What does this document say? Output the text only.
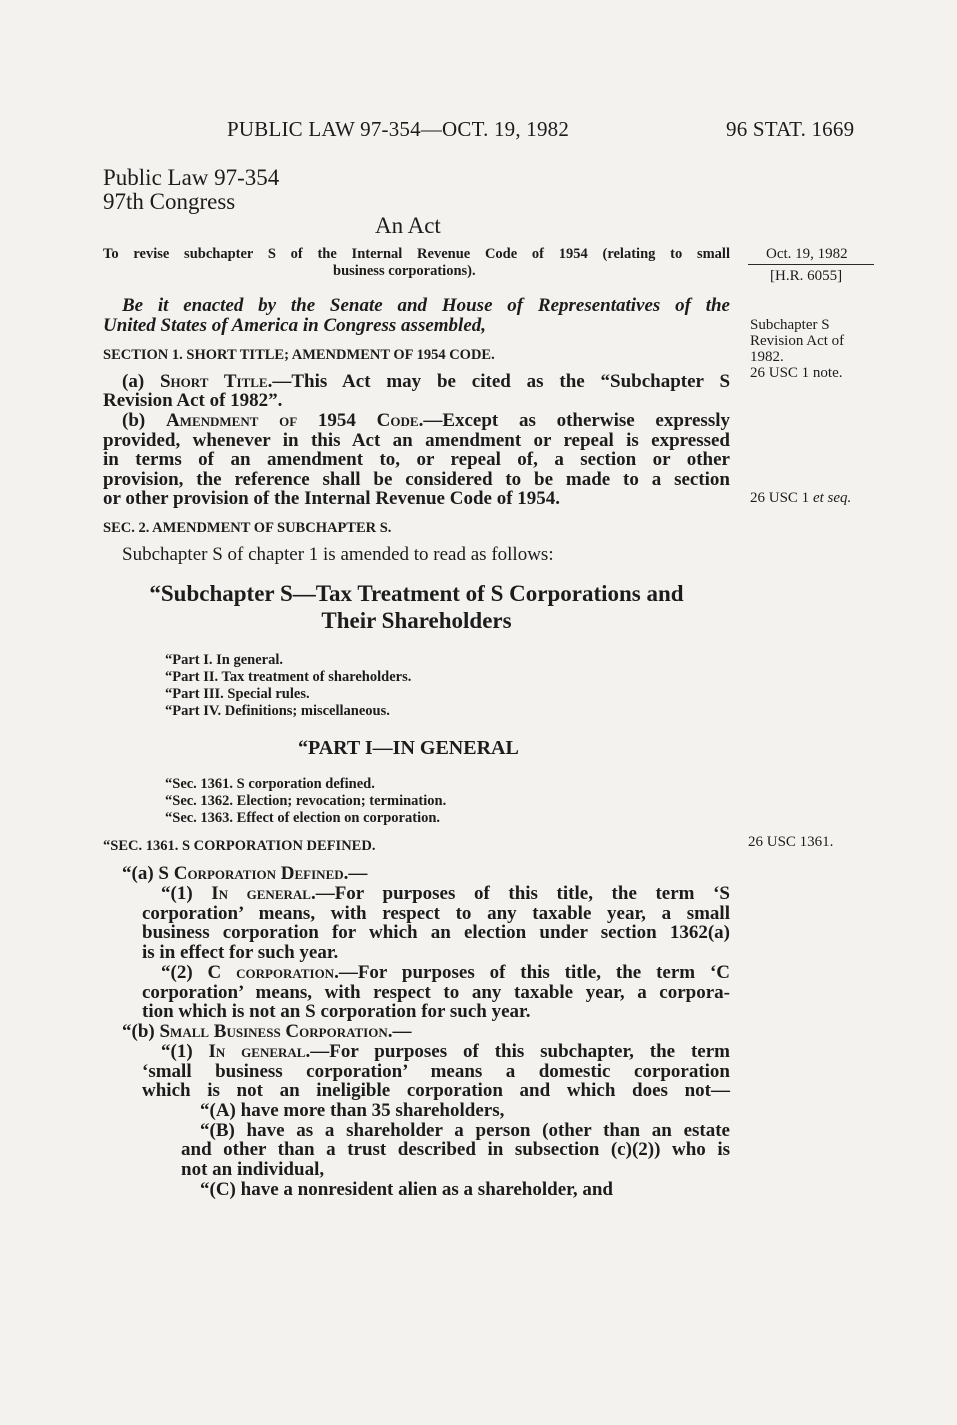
PUBLIC LAW 97-354—OCT. 19, 1982	96 STAT. 1669
Public Law 97-354
97th Congress
An Act
To revise subchapter S of the Internal Revenue Code of 1954 (relating to small
business corporations).
Oct. 19, 1982
[H.R. 6055]
Subchapter S
Revision Act of
1982.
26 USC 1 note.
26 USC 1 et seq.
26 USC 1361.
Be it enacted by the Senate and House of Representatives of the
United States of America in Congress assembled,
SECTION 1. SHORT TITLE; AMENDMENT OF 1954 CODE.
(a) Short Title.—This Act may be cited as the “Subchapter S
Revision Act of 1982”.
(b) Amendment of 1954 Code.—Except as otherwise expressly
provided, whenever in this Act an amendment or repeal is expressed
in terms of an amendment to, or repeal of, a section or other
provision, the reference shall be considered to be made to a section
or other provision of the Internal Revenue Code of 1954.
SEC. 2. AMENDMENT OF SUBCHAPTER S.
Subchapter S of chapter 1 is amended to read as follows:
“Subchapter S—Tax Treatment of S Corporations and
Their Shareholders
“Part I. In general.
“Part II. Tax treatment of shareholders.
“Part III. Special rules.
“Part IV. Definitions; miscellaneous.
“PART I—IN GENERAL
“Sec. 1361. S corporation defined.
“Sec. 1362. Election; revocation; termination.
“Sec. 1363. Effect of election on corporation.
“SEC. 1361. S CORPORATION DEFINED.
“(a) S Corporation Defined.—
“(1) In general.—For purposes of this title, the term ‘S
corporation’ means, with respect to any taxable year, a small
business corporation for which an election under section 1362(a)
is in effect for such year.
“(2) C corporation.—For purposes of this title, the term ‘C
corporation’ means, with respect to any taxable year, a corpora-
tion which is not an S corporation for such year.
“(b) Small Business Corporation.—
“(1) In general.—For purposes of this subchapter, the term
‘small business corporation’ means a domestic corporation
which is not an ineligible corporation and which does not—
“(A) have more than 35 shareholders,
“(B) have as a shareholder a person (other than an estate
and other than a trust described in subsection (c)(2)) who is
not an individual,
“(C) have a nonresident alien as a shareholder, and
